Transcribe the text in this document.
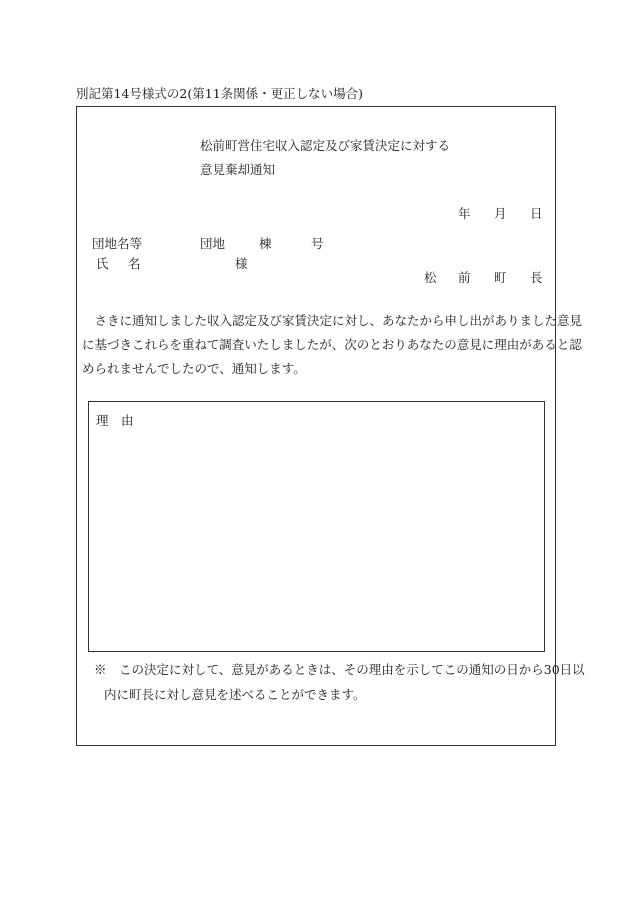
別記第14号様式の2(第11条関係・更正しない場合)
松前町営住宅収入認定及び家賃決定に対する
意見棄却通知
年 月 日
団地名等	団地	棟	号
氏 名	様
松 前 町 長
　さきに通知しました収入認定及び家賃決定に対し、あなたから申し出がありました意見
に基づきこれらを重ねて調査いたしましたが、次のとおりあなたの意見に理由があると認
められませんでしたので、通知します。
理　由
※　この決定に対して、意見があるときは、その理由を示してこの通知の日から30日以
内に町長に対し意見を述べることができます。
